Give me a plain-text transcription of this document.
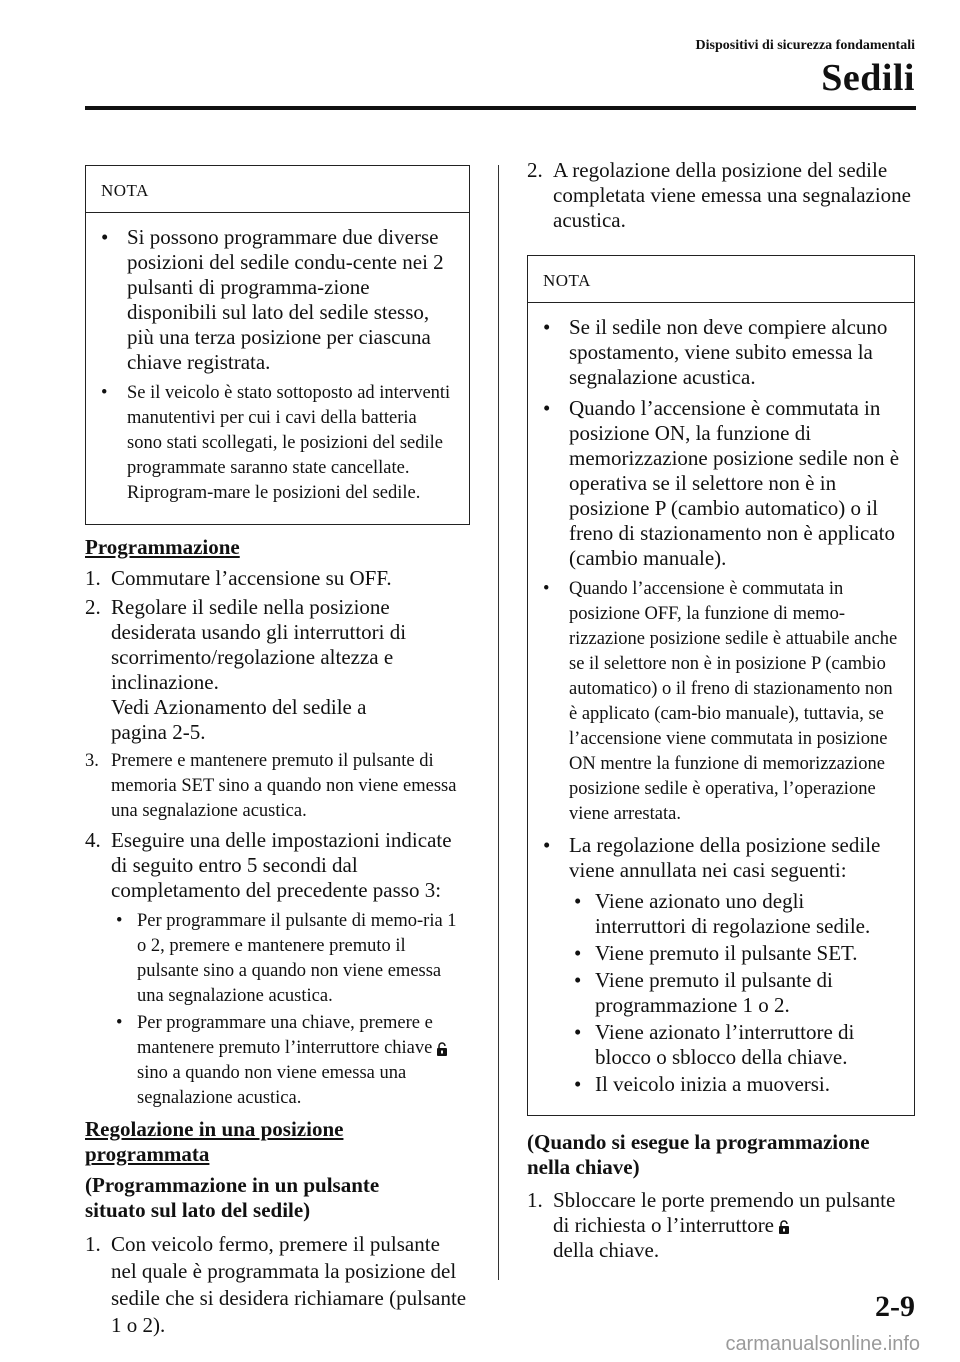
Dispositivi di sicurezza fondamentali
Sedili
NOTA
• Si possono programmare due diverse posizioni del sedile condu-cente nei 2 pulsanti di programma-zione disponibili sul lato del sedile stesso, più una terza posizione per ciascuna chiave registrata.
• Se il veicolo è stato sottoposto ad interventi manutentivi per cui i cavi della batteria sono stati scollegati, le posizioni del sedile programmate saranno state cancellate. Riprogram-mare le posizioni del sedile.
Programmazione
1. Commutare l’accensione su OFF.
2. Regolare il sedile nella posizione desiderata usando gli interruttori di scorrimento/regolazione altezza e inclinazione.
Vedi Azionamento del sedile a
pagina 2-5.
3. Premere e mantenere premuto il pulsante di memoria SET sino a quando non viene emessa una segnalazione acustica.
4. Eseguire una delle impostazioni indicate di seguito entro 5 secondi dal completamento del precedente passo 3:
• Per programmare il pulsante di memo-ria 1 o 2, premere e mantenere premuto il pulsante sino a quando non viene emessa una segnalazione acustica.
• Per programmare una chiave, premere e mantenere premuto l’interruttore chiavesino a quando non viene emessa una segnalazione acustica.
Regolazione in una posizione
programmata
(Programmazione in un pulsante
situato sul lato del sedile)
1. Con veicolo fermo, premere il pulsante nel quale è programmata la posizione del sedile che si desidera richiamare (pulsante 1 o 2).
2. A regolazione della posizione del sedile completata viene emessa una segnalazione acustica.
NOTA
• Se il sedile non deve compiere alcuno spostamento, viene subito emessa la segnalazione acustica.
• Quando l’accensione è commutata in posizione ON, la funzione di memorizzazione posizione sedile non è operativa se il selettore non è in posizione P (cambio automatico) o il freno di stazionamento non è applicato (cambio manuale).
• Quando l’accensione è commutata in posizione OFF, la funzione di memo-rizzazione posizione sedile è attuabile anche se il selettore non è in posizione P (cambio automatico) o il freno di stazionamento non è applicato (cam-bio manuale), tuttavia, se l’accensione viene commutata in posizione ON mentre la funzione di memorizzazione posizione sedile è operativa, l’operazione viene arrestata.
• La regolazione della posizione sedile viene annullata nei casi seguenti:
• Viene azionato uno degli interruttori di regolazione sedile.
• Viene premuto il pulsante SET.
• Viene premuto il pulsante di programmazione 1 o 2.
• Viene azionato l’interruttore di blocco o sblocco della chiave.
• Il veicolo inizia a muoversi.
(Quando si esegue la programmazione
nella chiave)
1. Sbloccare le porte premendo un pulsante di richiesta o l’interruttore
della chiave.
2-9
carmanualsonline.info
